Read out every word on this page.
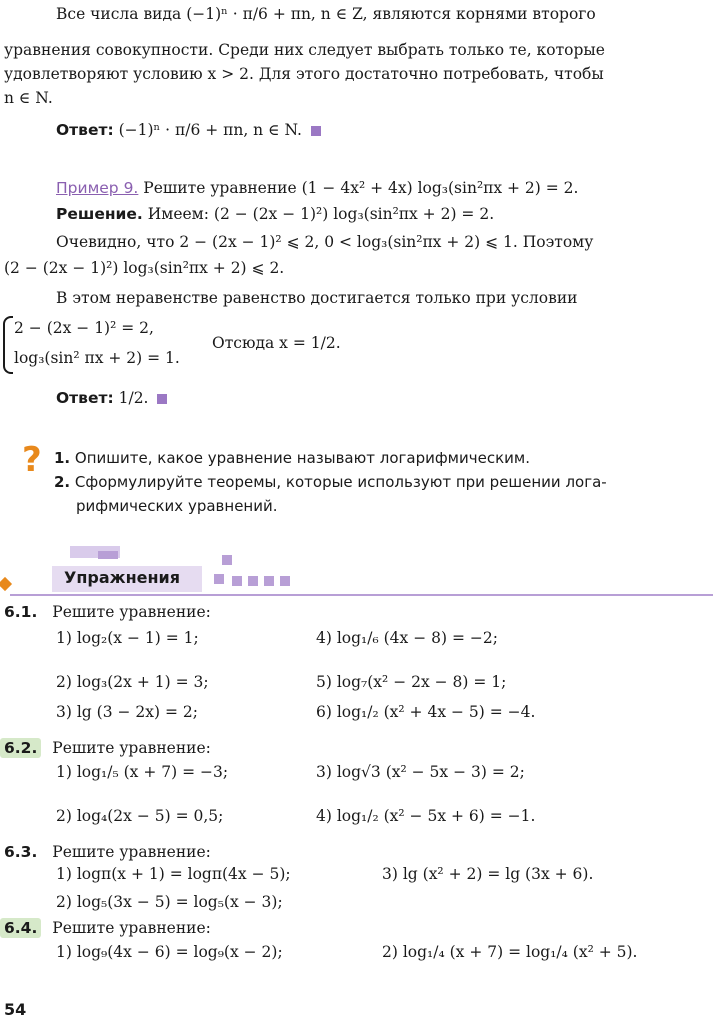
Все числа вида (−1)ⁿ · π/6 + πn, n ∈ Z, являются корнями второго
уравнения совокупности. Среди них следует выбрать только те, которые
удовлетворяют условию x > 2. Для этого достаточно потребовать, чтобы
n ∈ N.
Ответ: (−1)ⁿ · π/6 + πn, n ∈ N.
Пример 9. Решите уравнение (1 − 4x² + 4x) log₃(sin²πx + 2) = 2.
Решение. Имеем: (2 − (2x − 1)²) log₃(sin²πx + 2) = 2.
Очевидно, что 2 − (2x − 1)² ⩽ 2, 0 < log₃(sin²πx + 2) ⩽ 1. Поэтому
(2 − (2x − 1)²) log₃(sin²πx + 2) ⩽ 2.
В этом неравенстве равенство достигается только при условии
2 − (2x − 1)² = 2,
log₃(sin² πx + 2) = 1.
Отсюда x = 1/2.
Ответ: 1/2.
? 1. Опишите, какое уравнение называют логарифмическим.
2. Сформулируйте теоремы, которые используют при решении лога-
рифмических уравнений.
Упражнения
6.1. Решите уравнение:
1) log₂(x − 1) = 1;	4) log₁/₆ (4x − 8) = −2;
2) log₃(2x + 1) = 3;	5) log₇(x² − 2x − 8) = 1;
3) lg (3 − 2x) = 2;	6) log₁/₂ (x² + 4x − 5) = −4.
6.2. Решите уравнение:
1) log₁/₅ (x + 7) = −3;	3) log√3 (x² − 5x − 3) = 2;
2) log₄(2x − 5) = 0,5;	4) log₁/₂ (x² − 5x + 6) = −1.
6.3. Решите уравнение:
1) logπ(x + 1) = logπ(4x − 5);	3) lg (x² + 2) = lg (3x + 6).
2) log₅(3x − 5) = log₅(x − 3);
6.4. Решите уравнение:
1) log₉(4x − 6) = log₉(x − 2);	2) log₁/₄ (x + 7) = log₁/₄ (x² + 5).
54
